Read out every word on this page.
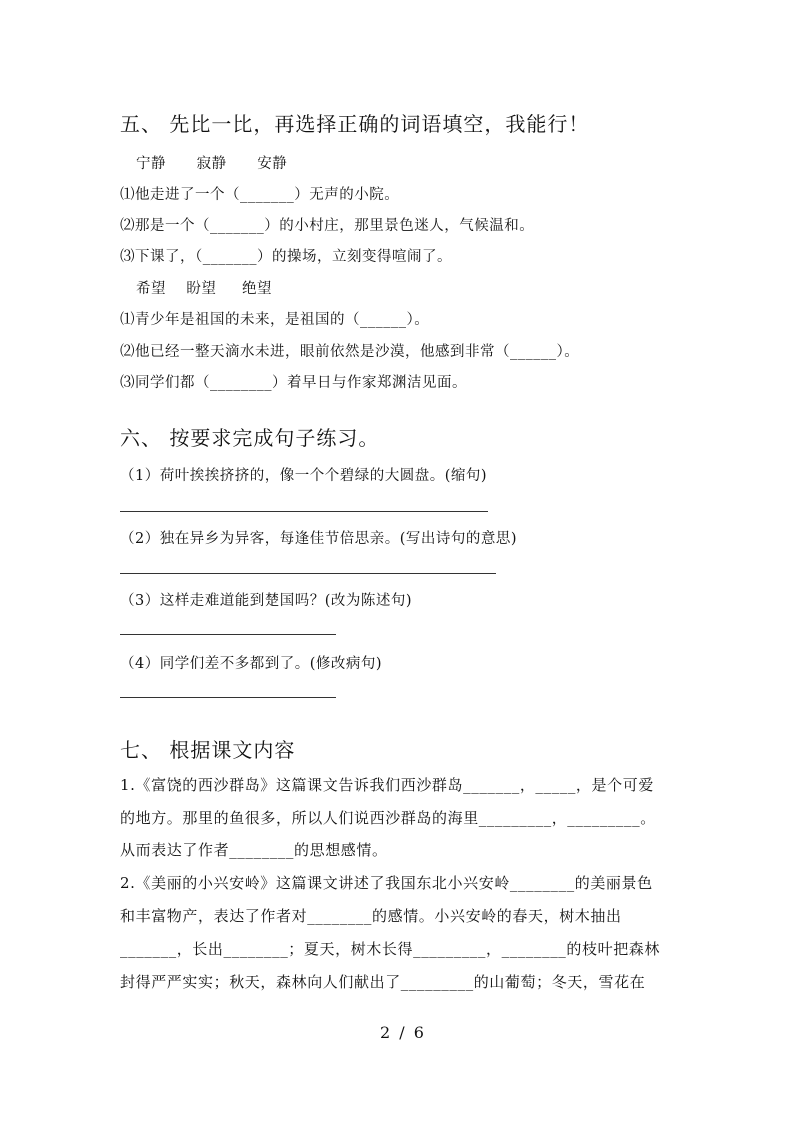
五、 先比一比，再选择正确的词语填空，我能行！
宁静      寂静      安静
⑴他走进了一个（_______）无声的小院。
⑵那是一个（_______）的小村庄，那里景色迷人，气候温和。
⑶下课了，（_______）的操场，立刻变得喧闹了。
希望    盼望     绝望
⑴青少年是祖国的未来，是祖国的（______）。
⑵他已经一整天滴水未进，眼前依然是沙漠，他感到非常（______）。
⑶同学们都（________）着早日与作家郑渊洁见面。
六、 按要求完成句子练习。
（1）荷叶挨挨挤挤的，像一个个碧绿的大圆盘。(缩句)
（2）独在异乡为异客，每逢佳节倍思亲。(写出诗句的意思)
（3）这样走难道能到楚国吗？(改为陈述句)
（4）同学们差不多都到了。(修改病句)
七、 根据课文内容
1.《富饶的西沙群岛》这篇课文告诉我们西沙群岛_______，_____，是个可爱
的地方。那里的鱼很多，所以人们说西沙群岛的海里_________，_________。
从而表达了作者________的思想感情。
2.《美丽的小兴安岭》这篇课文讲述了我国东北小兴安岭________的美丽景色
和丰富物产，表达了作者对________的感情。小兴安岭的春天，树木抽出
_______，长出________；夏天，树木长得_________，________的枝叶把森林
封得严严实实；秋天，森林向人们献出了_________的山葡萄；冬天，雪花在
2 / 6
